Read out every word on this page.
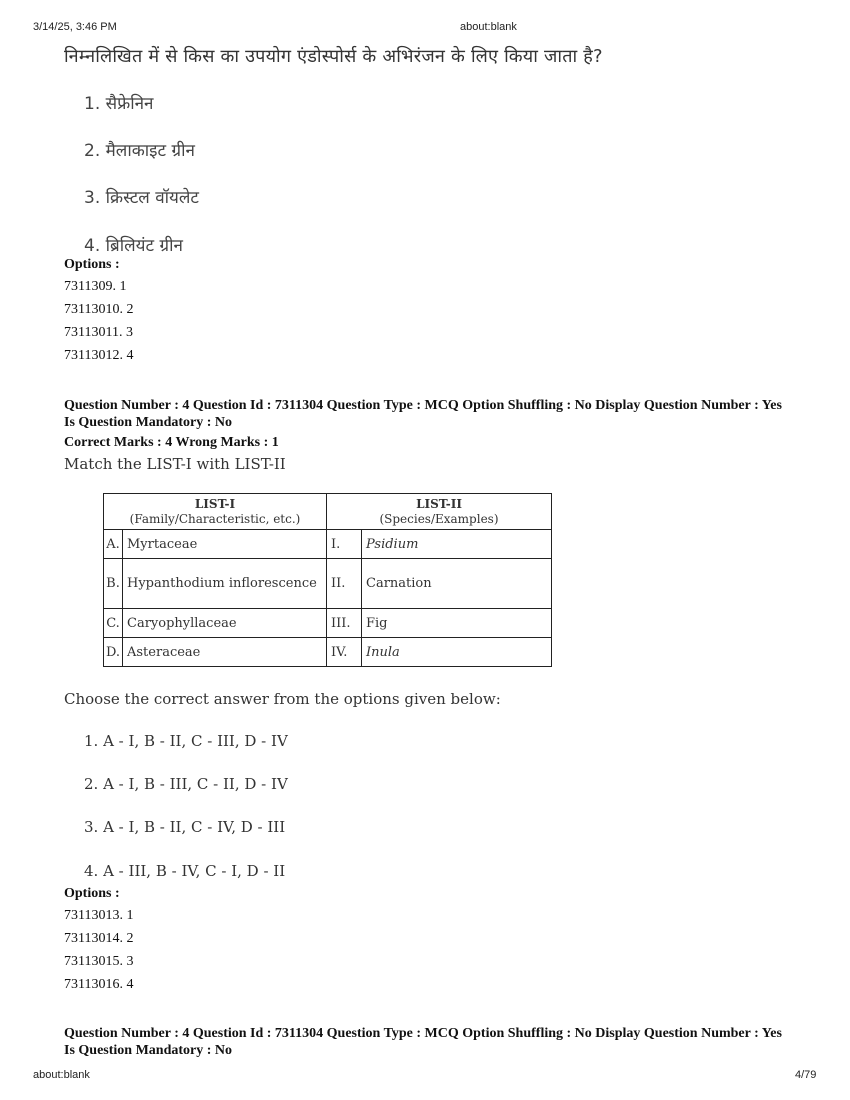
3/14/25, 3:46 PM	about:blank
निम्नलिखित में से किस का उपयोग एंडोस्पोर्स के अभिरंजन के लिए किया जाता है?
1. सैफ्रेनिन
2. मैलाकाइट ग्रीन
3. क्रिस्टल वॉयलेट
4. ब्रिलियंट ग्रीन
Options :
7311309. 1
73113010. 2
73113011. 3
73113012. 4
Question Number : 4 Question Id : 7311304 Question Type : MCQ Option Shuffling : No Display Question Number : Yes Is Question Mandatory : No
Correct Marks : 4 Wrong Marks : 1
Match the LIST-I with LIST-II
LIST-I
(Family/Characteristic, etc.)		LIST-II
(Species/Examples)	

A.	Myrtaceae	I.	Psidium
B.	Hypanthodium inflorescence	II.	Carnation
C.	Caryophyllaceae	III.	Fig
D.	Asteraceae	IV.	Inula
Choose the correct answer from the options given below:
1. A - I, B - II, C - III, D - IV
2. A - I, B - III, C - II, D - IV
3. A - I, B - II, C - IV, D - III
4. A - III, B - IV, C - I, D - II
Options :
73113013. 1
73113014. 2
73113015. 3
73113016. 4
Question Number : 4 Question Id : 7311304 Question Type : MCQ Option Shuffling : No Display Question Number : Yes Is Question Mandatory : No
about:blank	4/79
